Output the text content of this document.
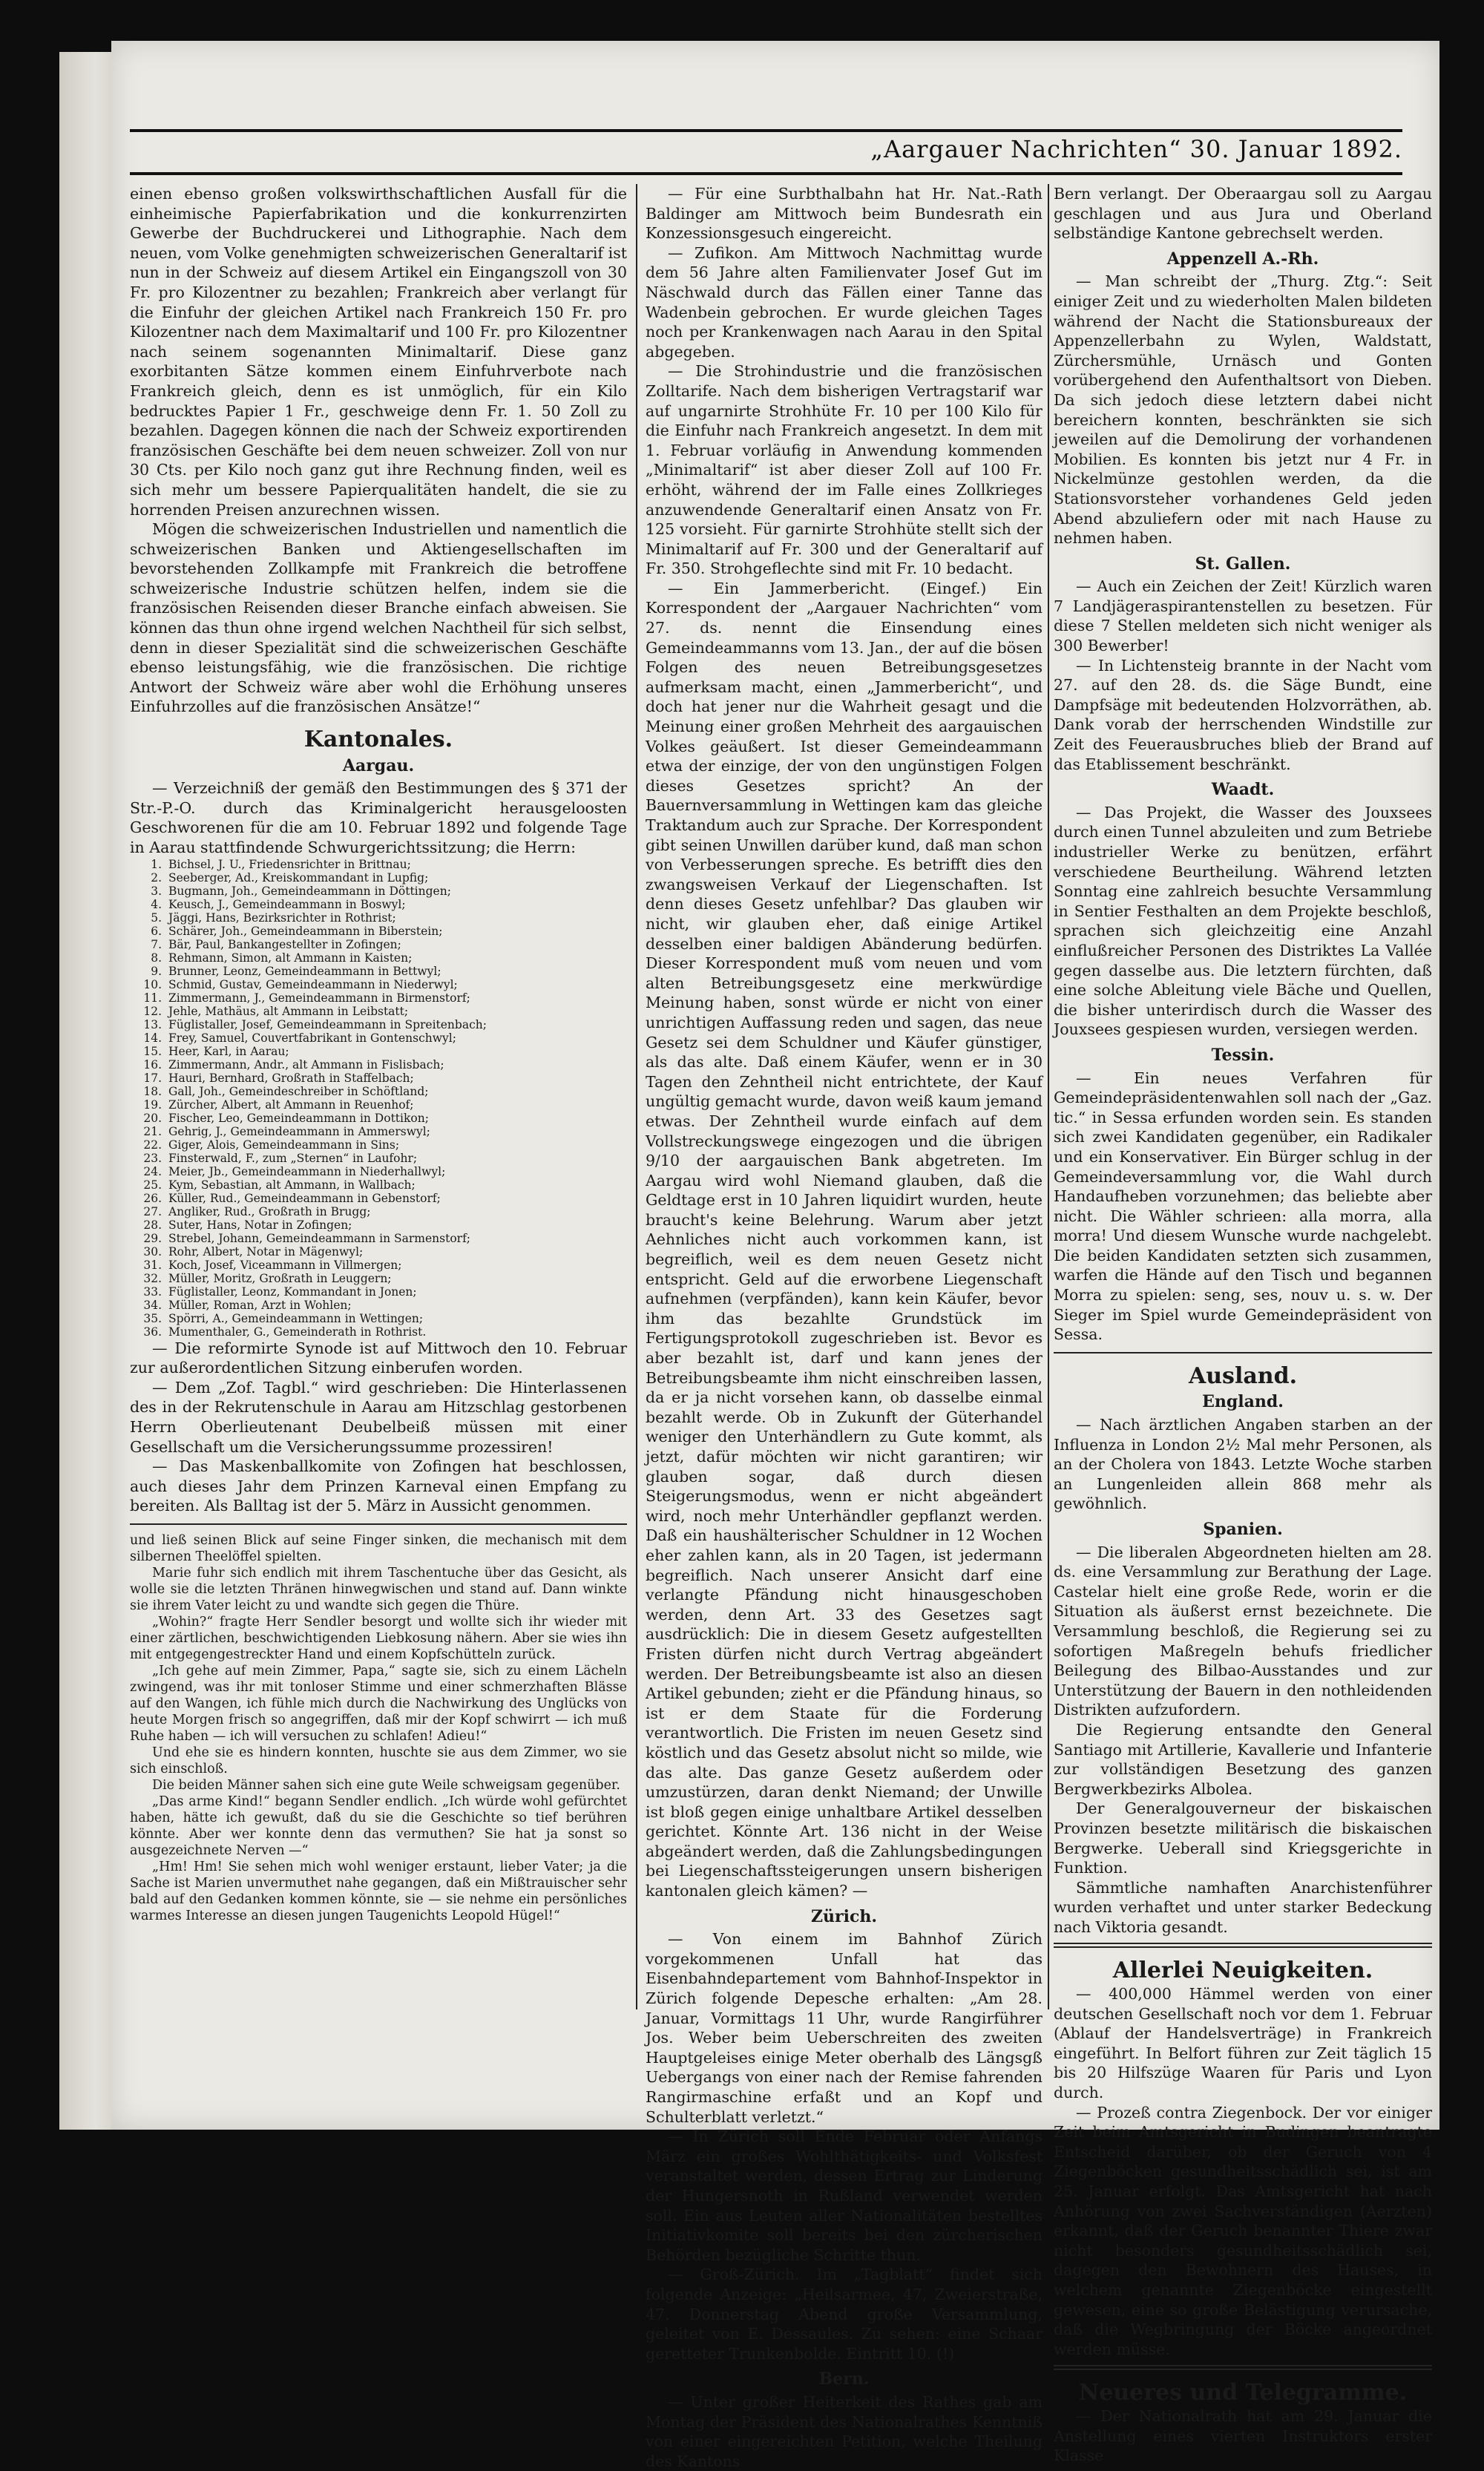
„Aargauer Nachrichten“ 30. Januar 1892.

einen ebenso großen volkswirthschaftlichen Ausfall für die einheimische Papierfabrikation und die konkurrenzirten Gewerbe der Buchdruckerei und Lithographie. Nach dem neuen, vom Volke genehmigten schweizerischen Generaltarif ist nun in der Schweiz auf diesem Artikel ein Eingangszoll von 30 Fr. pro Kilozentner zu bezahlen; Frankreich aber verlangt für die Einfuhr der gleichen Artikel nach Frankreich 150 Fr. pro Kilozentner nach dem Maximaltarif und 100 Fr. pro Kilozentner nach seinem sogenannten Minimaltarif. Diese ganz exorbitanten Sätze kommen einem Einfuhrverbote nach Frankreich gleich, denn es ist unmöglich, für ein Kilo bedrucktes Papier 1 Fr., geschweige denn Fr. 1. 50 Zoll zu bezahlen. Dagegen können die nach der Schweiz exportirenden französischen Geschäfte bei dem neuen schweizer. Zoll von nur 30 Cts. per Kilo noch ganz gut ihre Rechnung finden, weil es sich mehr um bessere Papierqualitäten handelt, die sie zu horrenden Preisen anzurechnen wissen.

Mögen die schweizerischen Industriellen und namentlich die schweizerischen Banken und Aktiengesellschaften im bevorstehenden Zollkampfe mit Frankreich die betroffene schweizerische Industrie schützen helfen, indem sie die französischen Reisenden dieser Branche einfach abweisen. Sie können das thun ohne irgend welchen Nachtheil für sich selbst, denn in dieser Spezialität sind die schweizerischen Geschäfte ebenso leistungsfähig, wie die französischen. Die richtige Antwort der Schweiz wäre aber wohl die Erhöhung unseres Einfuhrzolles auf die französischen Ansätze!“

Kantonales.
Aargau.

— Verzeichniß der gemäß den Bestimmungen des § 371 der Str.-P.-O. durch das Kriminalgericht herausgeloosten Geschworenen für die am 10. Februar 1892 und folgende Tage in Aarau stattfindende Schwurgerichtssitzung; die Herrn:

1. Bichsel, J. U., Friedensrichter in Brittnau;
2. Seeberger, Ad., Kreiskommandant in Lupfig;
3. Bugmann, Joh., Gemeindeammann in Döttingen;
4. Keusch, J., Gemeindeammann in Boswyl;
5. Jäggi, Hans, Bezirksrichter in Rothrist;
6. Schärer, Joh., Gemeindeammann in Biberstein;
7. Bär, Paul, Bankangestellter in Zofingen;
8. Rehmann, Simon, alt Ammann in Kaisten;
9. Brunner, Leonz, Gemeindeammann in Bettwyl;
10. Schmid, Gustav, Gemeindeammann in Niederwyl;
11. Zimmermann, J., Gemeindeammann in Birmenstorf;
12. Jehle, Mathäus, alt Ammann in Leibstatt;
13. Füglistaller, Josef, Gemeindeammann in Spreitenbach;
14. Frey, Samuel, Couvertfabrikant in Gontenschwyl;
15. Heer, Karl, in Aarau;
16. Zimmermann, Andr., alt Ammann in Fislisbach;
17. Hauri, Bernhard, Großrath in Staffelbach;
18. Gall, Joh., Gemeindeschreiber in Schöftland;
19. Zürcher, Albert, alt Ammann in Reuenhof;
20. Fischer, Leo, Gemeindeammann in Dottikon;
21. Gehrig, J., Gemeindeammann in Ammerswyl;
22. Giger, Alois, Gemeindeammann in Sins;
23. Finsterwald, F., zum „Sternen“ in Laufohr;
24. Meier, Jb., Gemeindeammann in Niederhallwyl;
25. Kym, Sebastian, alt Ammann, in Wallbach;
26. Küller, Rud., Gemeindeammann in Gebenstorf;
27. Angliker, Rud., Großrath in Brugg;
28. Suter, Hans, Notar in Zofingen;
29. Strebel, Johann, Gemeindeammann in Sarmenstorf;
30. Rohr, Albert, Notar in Mägenwyl;
31. Koch, Josef, Viceammann in Villmergen;
32. Müller, Moritz, Großrath in Leuggern;
33. Füglistaller, Leonz, Kommandant in Jonen;
34. Müller, Roman, Arzt in Wohlen;
35. Spörri, A., Gemeindeammann in Wettingen;
36. Mumenthaler, G., Gemeinderath in Rothrist.

— Die reformirte Synode ist auf Mittwoch den 10. Februar zur außerordentlichen Sitzung einberufen worden.

— Dem „Zof. Tagbl.“ wird geschrieben: Die Hinterlassenen des in der Rekrutenschule in Aarau am Hitzschlag gestorbenen Herrn Oberlieutenant Deubelbeiß müssen mit einer Gesellschaft um die Versicherungssumme prozessiren!

— Das Maskenballkomite von Zofingen hat beschlossen, auch dieses Jahr dem Prinzen Karneval einen Empfang zu bereiten. Als Balltag ist der 5. März in Aussicht genommen.

und ließ seinen Blick auf seine Finger sinken, die mechanisch mit dem silbernen Theelöffel spielten.

Marie fuhr sich endlich mit ihrem Taschentuche über das Gesicht, als wolle sie die letzten Thränen hinwegwischen und stand auf. Dann winkte sie ihrem Vater leicht zu und wandte sich gegen die Thüre.

„Wohin?“ fragte Herr Sendler besorgt und wollte sich ihr wieder mit einer zärtlichen, beschwichtigenden Liebkosung nähern. Aber sie wies ihn mit entgegengestreckter Hand und einem Kopfschütteln zurück.

„Ich gehe auf mein Zimmer, Papa,“ sagte sie, sich zu einem Lächeln zwingend, was ihr mit tonloser Stimme und einer schmerzhaften Blässe auf den Wangen, ich fühle mich durch die Nachwirkung des Unglücks von heute Morgen frisch so angegriffen, daß mir der Kopf schwirrt — ich muß Ruhe haben — ich will versuchen zu schlafen! Adieu!“

Und ehe sie es hindern konnten, huschte sie aus dem Zimmer, wo sie sich einschloß.

Die beiden Männer sahen sich eine gute Weile schweigsam gegenüber.

„Das arme Kind!“ begann Sendler endlich. „Ich würde wohl gefürchtet haben, hätte ich gewußt, daß du sie die Geschichte so tief berühren könnte. Aber wer konnte denn das vermuthen? Sie hat ja sonst so ausgezeichnete Nerven —“

„Hm! Hm! Sie sehen mich wohl weniger erstaunt, lieber Vater; ja die Sache ist Marien unvermuthet nahe gegangen, daß ein Mißtrauischer sehr bald auf den Gedanken kommen könnte, sie — sie nehme ein persönliches warmes Interesse an diesen jungen Taugenichts Leopold Hügel!“

— Für eine Surbthalbahn hat Hr. Nat.-Rath Baldinger am Mittwoch beim Bundesrath ein Konzessionsgesuch eingereicht.

— Zufikon. Am Mittwoch Nachmittag wurde dem 56 Jahre alten Familienvater Josef Gut im Näschwald durch das Fällen einer Tanne das Wadenbein gebrochen. Er wurde gleichen Tages noch per Krankenwagen nach Aarau in den Spital abgegeben.

— Die Strohindustrie und die französischen Zolltarife. Nach dem bisherigen Vertragstarif war auf ungarnirte Strohhüte Fr. 10 per 100 Kilo für die Einfuhr nach Frankreich angesetzt. In dem mit 1. Februar vorläufig in Anwendung kommenden „Minimaltarif“ ist aber dieser Zoll auf 100 Fr. erhöht, während der im Falle eines Zollkrieges anzuwendende Generaltarif einen Ansatz von Fr. 125 vorsieht. Für garnirte Strohhüte stellt sich der Minimaltarif auf Fr. 300 und der Generaltarif auf Fr. 350. Strohgeflechte sind mit Fr. 10 bedacht.

— Ein Jammerbericht. (Eingef.) Ein Korrespondent der „Aargauer Nachrichten“ vom 27. ds. nennt die Einsendung eines Gemeindeammanns vom 13. Jan., der auf die bösen Folgen des neuen Betreibungsgesetzes aufmerksam macht, einen „Jammerbericht“, und doch hat jener nur die Wahrheit gesagt und die Meinung einer großen Mehrheit des aargauischen Volkes geäußert. Ist dieser Gemeindeammann etwa der einzige, der von den ungünstigen Folgen dieses Gesetzes spricht? An der Bauernversammlung in Wettingen kam das gleiche Traktandum auch zur Sprache. Der Korrespondent gibt seinen Unwillen darüber kund, daß man schon von Verbesserungen spreche. Es betrifft dies den zwangsweisen Verkauf der Liegenschaften. Ist denn dieses Gesetz unfehlbar? Das glauben wir nicht, wir glauben eher, daß einige Artikel desselben einer baldigen Abänderung bedürfen. Dieser Korrespondent muß vom neuen und vom alten Betreibungsgesetz eine merkwürdige Meinung haben, sonst würde er nicht von einer unrichtigen Auffassung reden und sagen, das neue Gesetz sei dem Schuldner und Käufer günstiger, als das alte. Daß einem Käufer, wenn er in 30 Tagen den Zehntheil nicht entrichtete, der Kauf ungültig gemacht wurde, davon weiß kaum jemand etwas. Der Zehntheil wurde einfach auf dem Vollstreckungswege eingezogen und die übrigen 9/10 der aargauischen Bank abgetreten. Im Aargau wird wohl Niemand glauben, daß die Geldtage erst in 10 Jahren liquidirt wurden, heute braucht's keine Belehrung. Warum aber jetzt Aehnliches nicht auch vorkommen kann, ist begreiflich, weil es dem neuen Gesetz nicht entspricht. Geld auf die erworbene Liegenschaft aufnehmen (verpfänden), kann kein Käufer, bevor ihm das bezahlte Grundstück im Fertigungsprotokoll zugeschrieben ist. Bevor es aber bezahlt ist, darf und kann jenes der Betreibungsbeamte ihm nicht einschreiben lassen, da er ja nicht vorsehen kann, ob dasselbe einmal bezahlt werde. Ob in Zukunft der Güterhandel weniger den Unterhändlern zu Gute kommt, als jetzt, dafür möchten wir nicht garantiren; wir glauben sogar, daß durch diesen Steigerungsmodus, wenn er nicht abgeändert wird, noch mehr Unterhändler gepflanzt werden. Daß ein haushälterischer Schuldner in 12 Wochen eher zahlen kann, als in 20 Tagen, ist jedermann begreiflich. Nach unserer Ansicht darf eine verlangte Pfändung nicht hinausgeschoben werden, denn Art. 33 des Gesetzes sagt ausdrücklich: Die in diesem Gesetz aufgestellten Fristen dürfen nicht durch Vertrag abgeändert werden. Der Betreibungsbeamte ist also an diesen Artikel gebunden; zieht er die Pfändung hinaus, so ist er dem Staate für die Forderung verantwortlich. Die Fristen im neuen Gesetz sind köstlich und das Gesetz absolut nicht so milde, wie das alte. Das ganze Gesetz außerdem oder umzustürzen, daran denkt Niemand; der Unwille ist bloß gegen einige unhaltbare Artikel desselben gerichtet. Könnte Art. 136 nicht in der Weise abgeändert werden, daß die Zahlungsbedingungen bei Liegenschaftssteigerungen unsern bisherigen kantonalen gleich kämen? —

Zürich.

— Von einem im Bahnhof Zürich vorgekommenen Unfall hat das Eisenbahndepartement vom Bahnhof-Inspektor in Zürich folgende Depesche erhalten: „Am 28. Januar, Vormittags 11 Uhr, wurde Rangirführer Jos. Weber beim Ueberschreiten des zweiten Hauptgeleises einige Meter oberhalb des Längsgß Uebergangs von einer nach der Remise fahrenden Rangirmaschine erfaßt und an Kopf und Schulterblatt verletzt.“

— In Zürich soll Ende Februar oder Anfangs März ein großes Wohlthätigkeits- und Volksfest veranstaltet werden, dessen Ertrag zur Linderung der Hungersnoth in Rußland verwendet werden soll. Ein aus Leuten aller Nationalitäten bestelltes Initiativkomite soll bereits bei den zürcherischen Behörden bezügliche Schritte thun.

— Groß-Zürich. Im „Tagblatt“ findet sich folgende Anzeige: „Heilsarmee, 47, Zweierstraße, 47. Donnerstag Abend große Versammlung, geleitet von E. Dessaules. Zu sehen: eine Schaar geretteter Trunkenbolde. Eintritt 10. (!)

Bern.

— Unter großer Heiterkeit des Rathes gab am Montag der Präsident des Nationalrathes Kenntniß von einer eingereichten Petition, welche Theilung des Kantons

Bern verlangt. Der Oberaargau soll zu Aargau geschlagen und aus Jura und Oberland selbständige Kantone gebrechselt werden.

Appenzell A.-Rh.

— Man schreibt der „Thurg. Ztg.“: Seit einiger Zeit und zu wiederholten Malen bildeten während der Nacht die Stationsbureaux der Appenzellerbahn zu Wylen, Waldstatt, Zürchersmühle, Urnäsch und Gonten vorübergehend den Aufenthaltsort von Dieben. Da sich jedoch diese letztern dabei nicht bereichern konnten, beschränkten sie sich jeweilen auf die Demolirung der vorhandenen Mobilien. Es konnten bis jetzt nur 4 Fr. in Nickelmünze gestohlen werden, da die Stationsvorsteher vorhandenes Geld jeden Abend abzuliefern oder mit nach Hause zu nehmen haben.

St. Gallen.

— Auch ein Zeichen der Zeit! Kürzlich waren 7 Landjägeraspirantenstellen zu besetzen. Für diese 7 Stellen meldeten sich nicht weniger als 300 Bewerber!

— In Lichtensteig brannte in der Nacht vom 27. auf den 28. ds. die Säge Bundt, eine Dampfsäge mit bedeutenden Holzvorräthen, ab. Dank vorab der herrschenden Windstille zur Zeit des Feuerausbruches blieb der Brand auf das Etablissement beschränkt.

Waadt.

— Das Projekt, die Wasser des Jouxsees durch einen Tunnel abzuleiten und zum Betriebe industrieller Werke zu benützen, erfährt verschiedene Beurtheilung. Während letzten Sonntag eine zahlreich besuchte Versammlung in Sentier Festhalten an dem Projekte beschloß, sprachen sich gleichzeitig eine Anzahl einflußreicher Personen des Distriktes La Vallée gegen dasselbe aus. Die letztern fürchten, daß eine solche Ableitung viele Bäche und Quellen, die bisher unterirdisch durch die Wasser des Jouxsees gespiesen wurden, versiegen werden.

Tessin.

— Ein neues Verfahren für Gemeindepräsidentenwahlen soll nach der „Gaz. tic.“ in Sessa erfunden worden sein. Es standen sich zwei Kandidaten gegenüber, ein Radikaler und ein Konservativer. Ein Bürger schlug in der Gemeindeversammlung vor, die Wahl durch Handaufheben vorzunehmen; das beliebte aber nicht. Die Wähler schrieen: alla morra, alla morra! Und diesem Wunsche wurde nachgelebt. Die beiden Kandidaten setzten sich zusammen, warfen die Hände auf den Tisch und begannen Morra zu spielen: seng, ses, nouv u. s. w. Der Sieger im Spiel wurde Gemeindepräsident von Sessa.

Ausland.
England.

— Nach ärztlichen Angaben starben an der Influenza in London 2½ Mal mehr Personen, als an der Cholera von 1843. Letzte Woche starben an Lungenleiden allein 868 mehr als gewöhnlich.

Spanien.

— Die liberalen Abgeordneten hielten am 28. ds. eine Versammlung zur Berathung der Lage. Castelar hielt eine große Rede, worin er die Situation als äußerst ernst bezeichnete. Die Versammlung beschloß, die Regierung sei zu sofortigen Maßregeln behufs friedlicher Beilegung des Bilbao-Ausstandes und zur Unterstützung der Bauern in den nothleidenden Distrikten aufzufordern.

Die Regierung entsandte den General Santiago mit Artillerie, Kavallerie und Infanterie zur vollständigen Besetzung des ganzen Bergwerkbezirks Albolea.

Der Generalgouverneur der biskaischen Provinzen besetzte militärisch die biskaischen Bergwerke. Ueberall sind Kriegsgerichte in Funktion.

Sämmtliche namhaften Anarchistenführer wurden verhaftet und unter starker Bedeckung nach Viktoria gesandt.

Allerlei Neuigkeiten.

— 400,000 Hämmel werden von einer deutschen Gesellschaft noch vor dem 1. Februar (Ablauf der Handelsverträge) in Frankreich eingeführt. In Belfort führen zur Zeit täglich 15 bis 20 Hilfszüge Waaren für Paris und Lyon durch.

— Prozeß contra Ziegenbock. Der vor einiger Zeit beim Amtsgericht in Budingen beantragte Entscheid darüber, ob der Geruch von 4 Ziegenböcken gesundheitsschädlich sei, ist am 25. Januar erfolgt. Das Amtsgericht hat nach Anhörung von zwei Sachverständigen (Aerzten) erkannt, daß der Geruch benannter Thiere zwar nicht besonders gesundheitsschädlich sei, dagegen den Bewohnern des Hauses, in welchem genannte Ziegenböcke eingestellt gewesen, eine so große Belästigung verursache, daß die Wegbringung der Böcke angeordnet werden müsse.

Neueres und Telegramme.

— Der Nationalrath hat am 29. Januar die Anstellung eines vierten Instruktors erster Klasse
